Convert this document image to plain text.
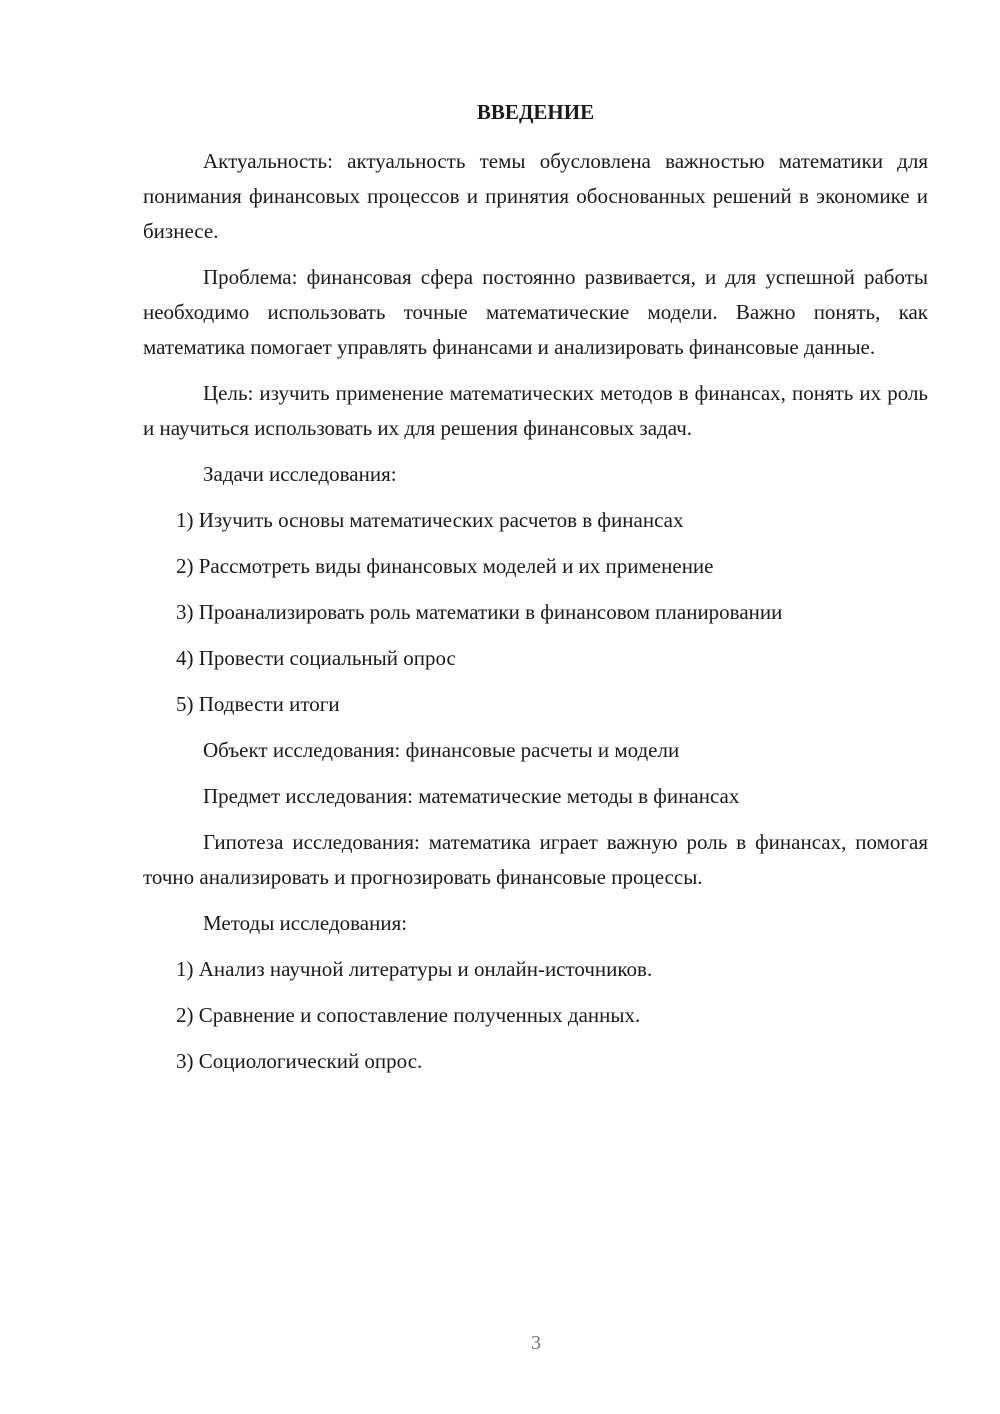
ВВЕДЕНИЕ

Актуальность: актуальность темы обусловлена важностью математики для понимания финансовых процессов и принятия обоснованных решений в экономике и бизнесе.

Проблема: финансовая сфера постоянно развивается, и для успешной работы необходимо использовать точные математические модели. Важно понять, как математика помогает управлять финансами и анализировать финансовые данные.

Цель: изучить применение математических методов в финансах, понять их роль и научиться использовать их для решения финансовых задач.

Задачи исследования:

1) Изучить основы математических расчетов в финансах

2) Рассмотреть виды финансовых моделей и их применение

3) Проанализировать роль математики в финансовом планировании

4) Провести социальный опрос

5) Подвести итоги

Объект исследования: финансовые расчеты и модели

Предмет исследования: математические методы в финансах

Гипотеза исследования: математика играет важную роль в финансах, помогая точно анализировать и прогнозировать финансовые процессы.

Методы исследования:

1) Анализ научной литературы и онлайн-источников.

2) Сравнение и сопоставление полученных данных.

3) Социологический опрос.

3
